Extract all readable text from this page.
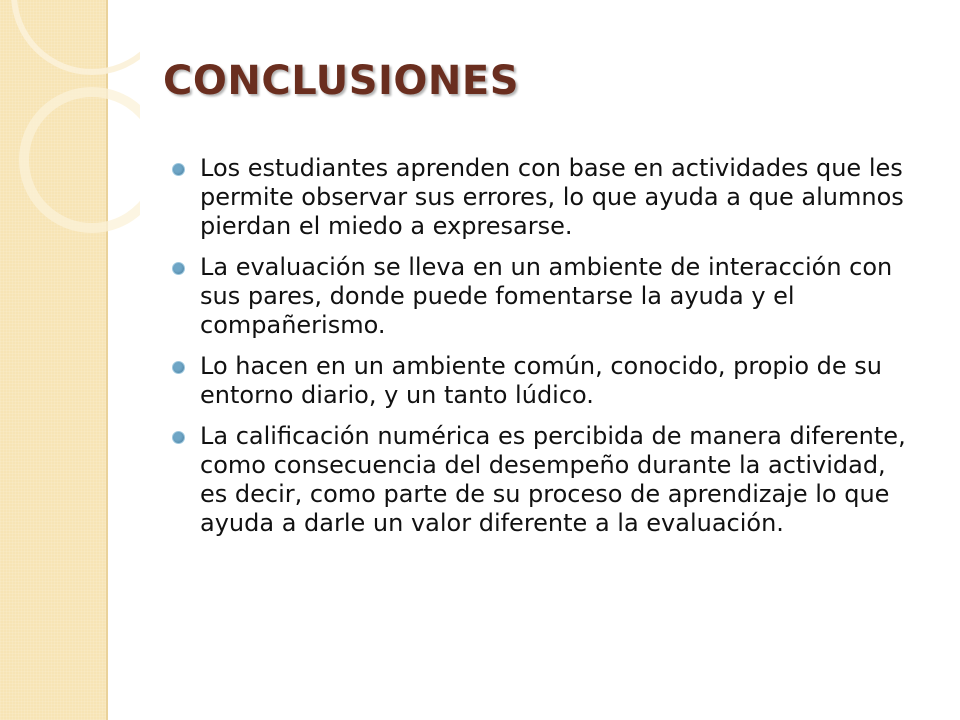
CONCLUSIONES
Los estudiantes aprenden con base en actividades que les permite observar sus errores, lo que ayuda a que alumnos pierdan el miedo a expresarse.
La evaluación se lleva en un ambiente de interacción con sus pares, donde puede fomentarse la ayuda y el compañerismo.
Lo hacen en un ambiente común, conocido, propio de su entorno diario, y un tanto lúdico.
La calificación numérica es percibida de manera diferente, como consecuencia del desempeño durante la actividad, es decir, como parte de su proceso de aprendizaje lo que ayuda a darle un valor diferente a la evaluación.
